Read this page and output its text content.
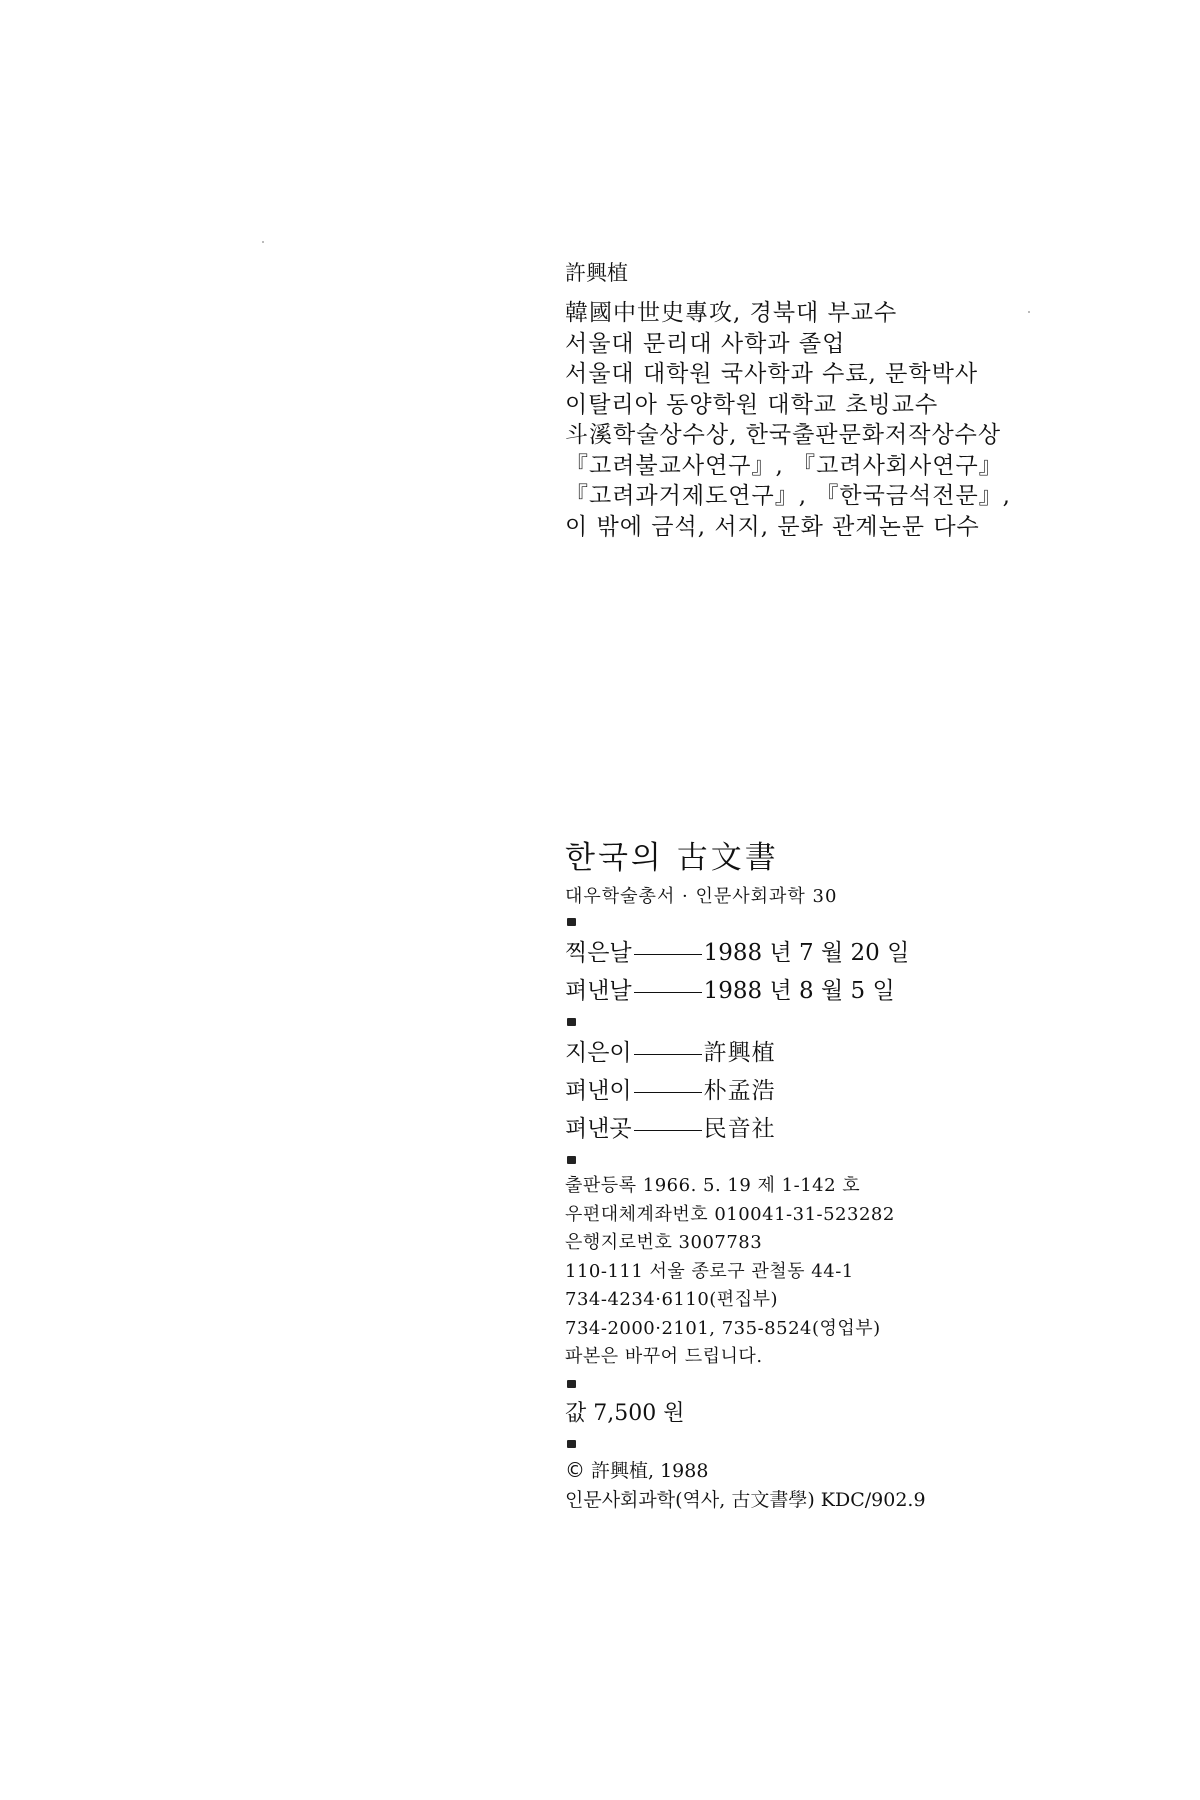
許興植
韓國中世史專攻, 경북대 부교수
서울대 문리대 사학과 졸업
서울대 대학원 국사학과 수료, 문학박사
이탈리아 동양학원 대학교 초빙교수
斗溪학술상수상, 한국출판문화저작상수상
『고려불교사연구』, 『고려사회사연구』
『고려과거제도연구』, 『한국금석전문』,
이 밖에 금석, 서지, 문화 관계논문 다수
한국의 古文書
대우학술총서 · 인문사회과학 30
찍은날	1988 년 7 월 20 일
펴낸날	1988 년 8 월 5 일
지은이	許興植
펴낸이	朴孟浩
펴낸곳	民音社
출판등록 1966. 5. 19 제 1-142 호
우편대체계좌번호 010041-31-523282
은행지로번호 3007783
110-111 서울 종로구 관철동 44-1
734-4234·6110(편집부)
734-2000·2101, 735-8524(영업부)
파본은 바꾸어 드립니다.
값 7,500 원
© 許興植, 1988
인문사회과학(역사, 古文書學) KDC/902.9
